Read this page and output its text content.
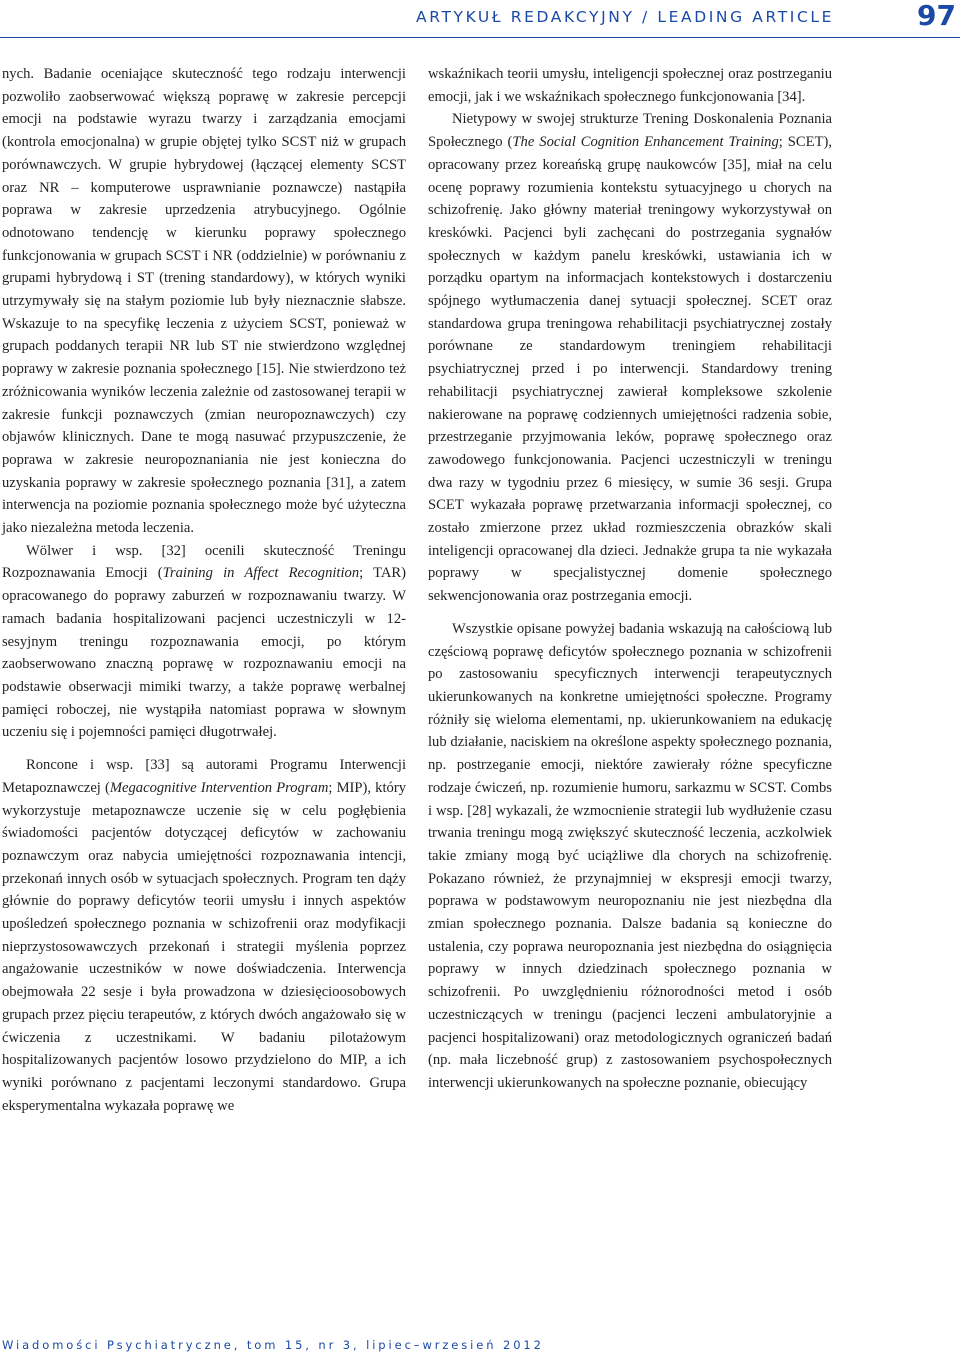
ARTYKUŁ REDAKCYJNY / LEADING ARTICLE	97

nych. Badanie oceniające skuteczność tego rodzaju interwencji pozwoliło zaobserwować większą poprawę w zakresie percepcji emocji na podstawie wyrazu twarzy i zarządzania emocjami (kontrola emocjonalna) w grupie objętej tylko SCST niż w grupach porównawczych. W grupie hybrydowej (łączącej elementy SCST oraz NR – komputerowe usprawnianie poznawcze) nastąpiła poprawa w zakresie uprzedzenia atrybucyjnego. Ogólnie odnotowano tendencję w kierunku poprawy społecznego funkcjonowania w grupach SCST i NR (oddzielnie) w porównaniu z grupami hybrydową i ST (trening standardowy), w których wyniki utrzymywały się na stałym poziomie lub były nieznacznie słabsze. Wskazuje to na specyfikę leczenia z użyciem SCST, ponieważ w grupach poddanych terapii NR lub ST nie stwierdzono względnej poprawy w zakresie poznania społecznego [15]. Nie stwierdzono też zróżnicowania wyników leczenia zależnie od zastosowanej terapii w zakresie funkcji poznawczych (zmian neuropoznawczych) czy objawów klinicznych. Dane te mogą nasuwać przypuszczenie, że poprawa w zakresie neuropoznaniania nie jest konieczna do uzyskania poprawy w zakresie społecznego poznania [31], a zatem interwencja na poziomie poznania społecznego może być użyteczna jako niezależna metoda leczenia.

Wölwer i wsp. [32] ocenili skuteczność Treningu Rozpoznawania Emocji (Training in Affect Recognition; TAR) opracowanego do poprawy zaburzeń w rozpoznawaniu twarzy. W ramach badania hospitalizowani pacjenci uczestniczyli w 12-sesyjnym treningu rozpoznawania emocji, po którym zaobserwowano znaczną poprawę w rozpoznawaniu emocji na podstawie obserwacji mimiki twarzy, a także poprawę werbalnej pamięci roboczej, nie wystąpiła natomiast poprawa w słownym uczeniu się i pojemności pamięci długotrwałej.

Roncone i wsp. [33] są autorami Programu Interwencji Metapoznawczej (Megacognitive Intervention Program; MIP), który wykorzystuje metapoznawcze uczenie się w celu pogłębienia świadomości pacjentów dotyczącej deficytów w zachowaniu poznawczym oraz nabycia umiejętności rozpoznawania intencji, przekonań innych osób w sytuacjach społecznych. Program ten dąży głównie do poprawy deficytów teorii umysłu i innych aspektów upośledzeń społecznego poznania w schizofrenii oraz modyfikacji nieprzystosowawczych przekonań i strategii myślenia poprzez angażowanie uczestników w nowe doświadczenia. Interwencja obejmowała 22 sesje i była prowadzona w dziesięcioosobowych grupach przez pięciu terapeutów, z których dwóch angażowało się w ćwiczenia z uczestnikami. W badaniu pilotażowym hospitalizowanych pacjentów losowo przydzielono do MIP, a ich wyniki porównano z pacjentami leczonymi standardowo. Grupa eksperymentalna wykazała poprawę we

wskaźnikach teorii umysłu, inteligencji społecznej oraz postrzeganiu emocji, jak i we wskaźnikach społecznego funkcjonowania [34].

Nietypowy w swojej strukturze Trening Doskonalenia Poznania Społecznego (The Social Cognition Enhancement Training; SCET), opracowany przez koreańską grupę naukowców [35], miał na celu ocenę poprawy rozumienia kontekstu sytuacyjnego u chorych na schizofrenię. Jako główny materiał treningowy wykorzystywał on kreskówki. Pacjenci byli zachęcani do postrzegania sygnałów społecznych w każdym panelu kreskówki, ustawiania ich w porządku opartym na informacjach kontekstowych i dostarczeniu spójnego wytłumaczenia danej sytuacji społecznej. SCET oraz standardowa grupa treningowa rehabilitacji psychiatrycznej zostały porównane ze standardowym treningiem rehabilitacji psychiatrycznej przed i po interwencji. Standardowy trening rehabilitacji psychiatrycznej zawierał kompleksowe szkolenie nakierowane na poprawę codziennych umiejętności radzenia sobie, przestrzeganie przyjmowania leków, poprawę społecznego oraz zawodowego funkcjonowania. Pacjenci uczestniczyli w treningu dwa razy w tygodniu przez 6 miesięcy, w sumie 36 sesji. Grupa SCET wykazała poprawę przetwarzania informacji społecznej, co zostało zmierzone przez układ rozmieszczenia obrazków skali inteligencji opracowanej dla dzieci. Jednakże grupa ta nie wykazała poprawy w specjalistycznej domenie społecznego sekwencjonowania oraz postrzegania emocji.

Wszystkie opisane powyżej badania wskazują na całościową lub częściową poprawę deficytów społecznego poznania w schizofrenii po zastosowaniu specyficznych interwencji terapeutycznych ukierunkowanych na konkretne umiejętności społeczne. Programy różniły się wieloma elementami, np. ukierunkowaniem na edukację lub działanie, naciskiem na określone aspekty społecznego poznania, np. postrzeganie emocji, niektóre zawierały różne specyficzne rodzaje ćwiczeń, np. rozumienie humoru, sarkazmu w SCST. Combs i wsp. [28] wykazali, że wzmocnienie strategii lub wydłużenie czasu trwania treningu mogą zwiększyć skuteczność leczenia, aczkolwiek takie zmiany mogą być uciążliwe dla chorych na schizofrenię. Pokazano również, że przynajmniej w ekspresji emocji twarzy, poprawa w podstawowym neuropoznaniu nie jest niezbędna dla zmian społecznego poznania. Dalsze badania są konieczne do ustalenia, czy poprawa neuropoznania jest niezbędna do osiągnięcia poprawy w innych dziedzinach społecznego poznania w schizofrenii. Po uwzględnieniu różnorodności metod i osób uczestniczących w treningu (pacjenci leczeni ambulatoryjnie a pacjenci hospitalizowani) oraz metodologicznych ograniczeń badań (np. mała liczebność grup) z zastosowaniem psychospołecznych interwencji ukierunkowanych na społeczne poznanie, obiecujący

Wiadomości Psychiatryczne, tom 15, nr 3, lipiec–wrzesień 2012
